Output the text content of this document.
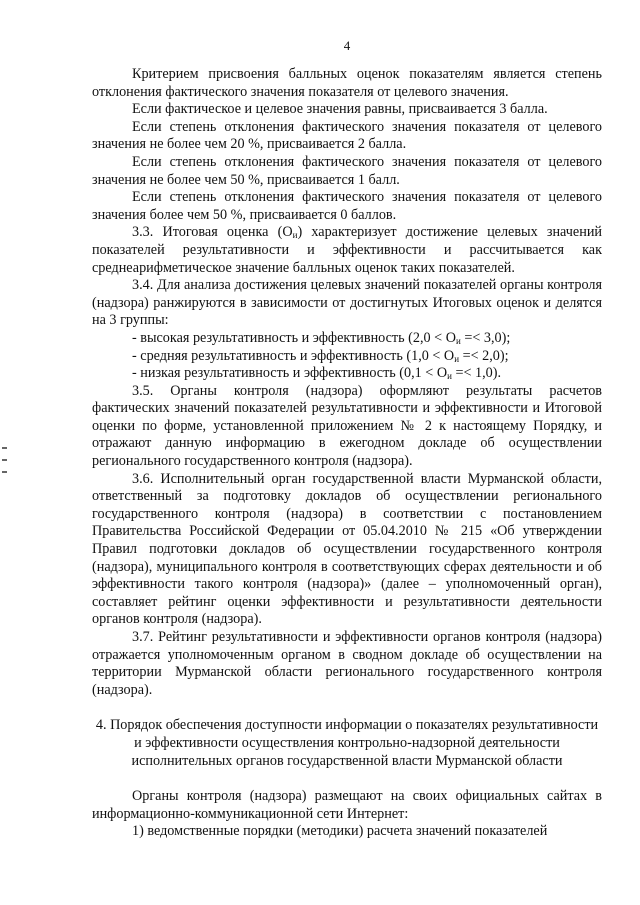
4

Критерием присвоения балльных оценок показателям является степень отклонения фактического значения показателя от целевого значения.

Если фактическое и целевое значения равны, присваивается 3 балла.

Если степень отклонения фактического значения показателя от целевого значения не более чем 20 %, присваивается 2 балла.

Если степень отклонения фактического значения показателя от целевого значения не более чем 50 %, присваивается 1 балл.

Если степень отклонения фактического значения показателя от целевого значения более чем 50 %, присваивается 0 баллов.

3.3. Итоговая оценка $(О_и)$ характеризует достижение целевых значений показателей результативности и эффективности и рассчитывается как среднеарифметическое значение балльных оценок таких показателей.

3.4. Для анализа достижения целевых значений показателей органы контроля (надзора) ранжируются в зависимости от достигнутых Итоговых оценок и делятся на 3 группы:

- высокая результативность и эффективность $(2,0 < О_и =< 3,0)$;

- средняя результативность и эффективность $(1,0 < О_и =< 2,0)$;

- низкая результативность и эффективность $(0,1 < О_и =< 1,0)$.

3.5. Органы контроля (надзора) оформляют результаты расчетов фактических значений показателей результативности и эффективности и Итоговой оценки по форме, установленной приложением № 2 к настоящему Порядку, и отражают данную информацию в ежегодном докладе об осуществлении регионального государственного контроля (надзора).

3.6. Исполнительный орган государственной власти Мурманской области, ответственный за подготовку докладов об осуществлении регионального государственного контроля (надзора) в соответствии с постановлением Правительства Российской Федерации от 05.04.2010 № 215 «Об утверждении Правил подготовки докладов об осуществлении государственного контроля (надзора), муниципального контроля в соответствующих сферах деятельности и об эффективности такого контроля (надзора)» (далее – уполномоченный орган), составляет рейтинг оценки эффективности и результативности деятельности органов контроля (надзора).

3.7. Рейтинг результативности и эффективности органов контроля (надзора) отражается уполномоченным органом в сводном докладе об осуществлении на территории Мурманской области регионального государственного контроля (надзора).

4. Порядок обеспечения доступности информации о показателях результативности и эффективности осуществления контрольно-надзорной деятельности исполнительных органов государственной власти Мурманской области

Органы контроля (надзора) размещают на своих официальных сайтах в информационно-коммуникационной сети Интернет:

1) ведомственные порядки (методики) расчета значений показателей
